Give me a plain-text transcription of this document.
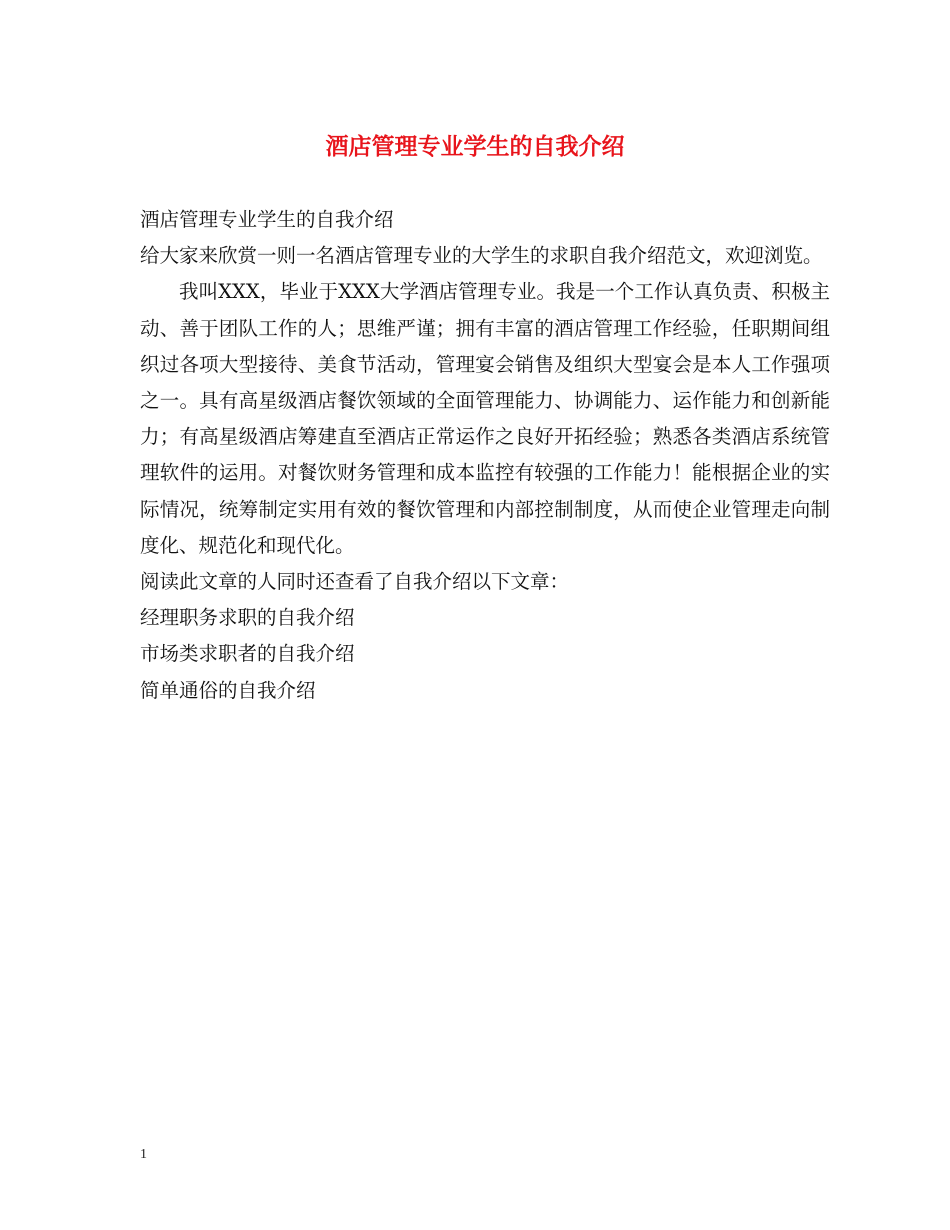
酒店管理专业学生的自我介绍

酒店管理专业学生的自我介绍

给大家来欣赏一则一名酒店管理专业的大学生的求职自我介绍范文，欢迎浏览。

我叫XXX，毕业于XXX大学酒店管理专业。我是一个工作认真负责、积极主动、善于团队工作的人；思维严谨；拥有丰富的酒店管理工作经验，任职期间组织过各项大型接待、美食节活动，管理宴会销售及组织大型宴会是本人工作强项之一。具有高星级酒店餐饮领域的全面管理能力、协调能力、运作能力和创新能力；有高星级酒店筹建直至酒店正常运作之良好开拓经验；熟悉各类酒店系统管理软件的运用。对餐饮财务管理和成本监控有较强的工作能力！能根据企业的实际情况，统筹制定实用有效的餐饮管理和内部控制制度，从而使企业管理走向制度化、规范化和现代化。

阅读此文章的人同时还查看了自我介绍以下文章：

经理职务求职的自我介绍

市场类求职者的自我介绍

简单通俗的自我介绍

1
